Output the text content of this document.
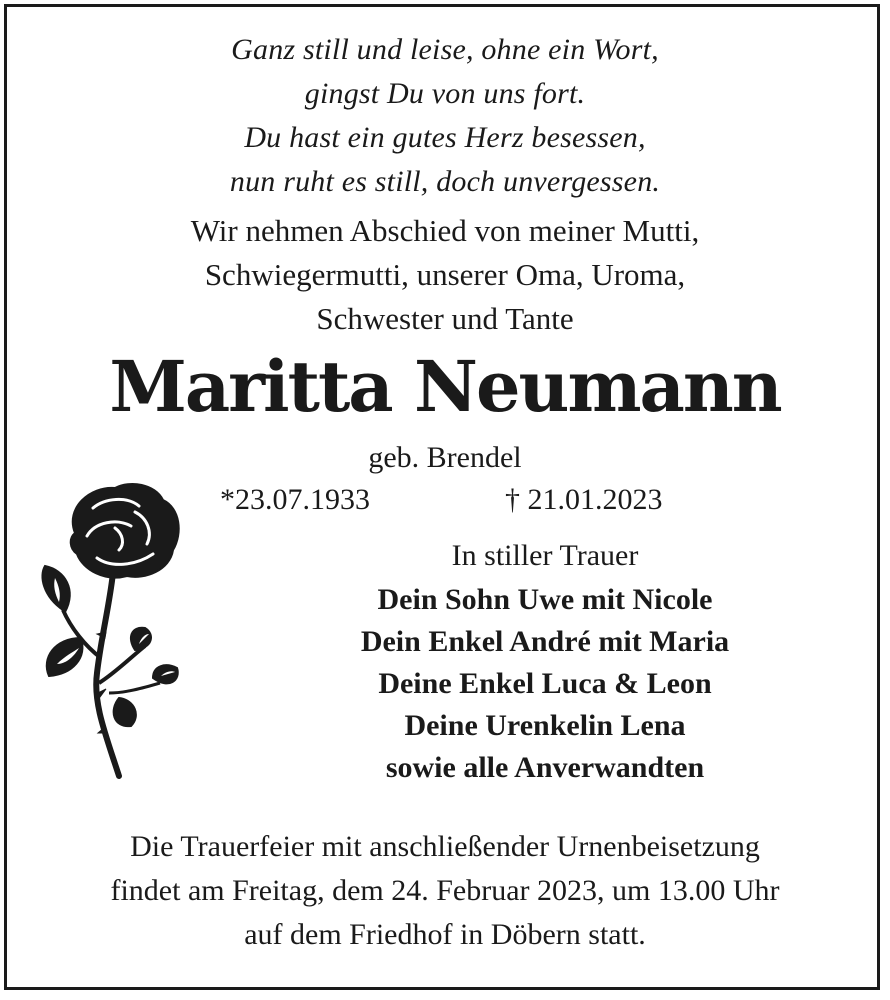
Ganz still und leise, ohne ein Wort,
gingst Du von uns fort.
Du hast ein gutes Herz besessen,
nun ruht es still, doch unvergessen.
Wir nehmen Abschied von meiner Mutti,
Schwiegermutti, unserer Oma, Uroma,
Schwester und Tante
Maritta Neumann
geb. Brendel
*23.07.1933	† 21.01.2023
In stiller Trauer
Dein Sohn Uwe mit Nicole
Dein Enkel André mit Maria
Deine Enkel Luca & Leon
Deine Urenkelin Lena
sowie alle Anverwandten
Die Trauerfeier mit anschließender Urnenbeisetzung
findet am Freitag, dem 24. Februar 2023, um 13.00 Uhr
auf dem Friedhof in Döbern statt.
